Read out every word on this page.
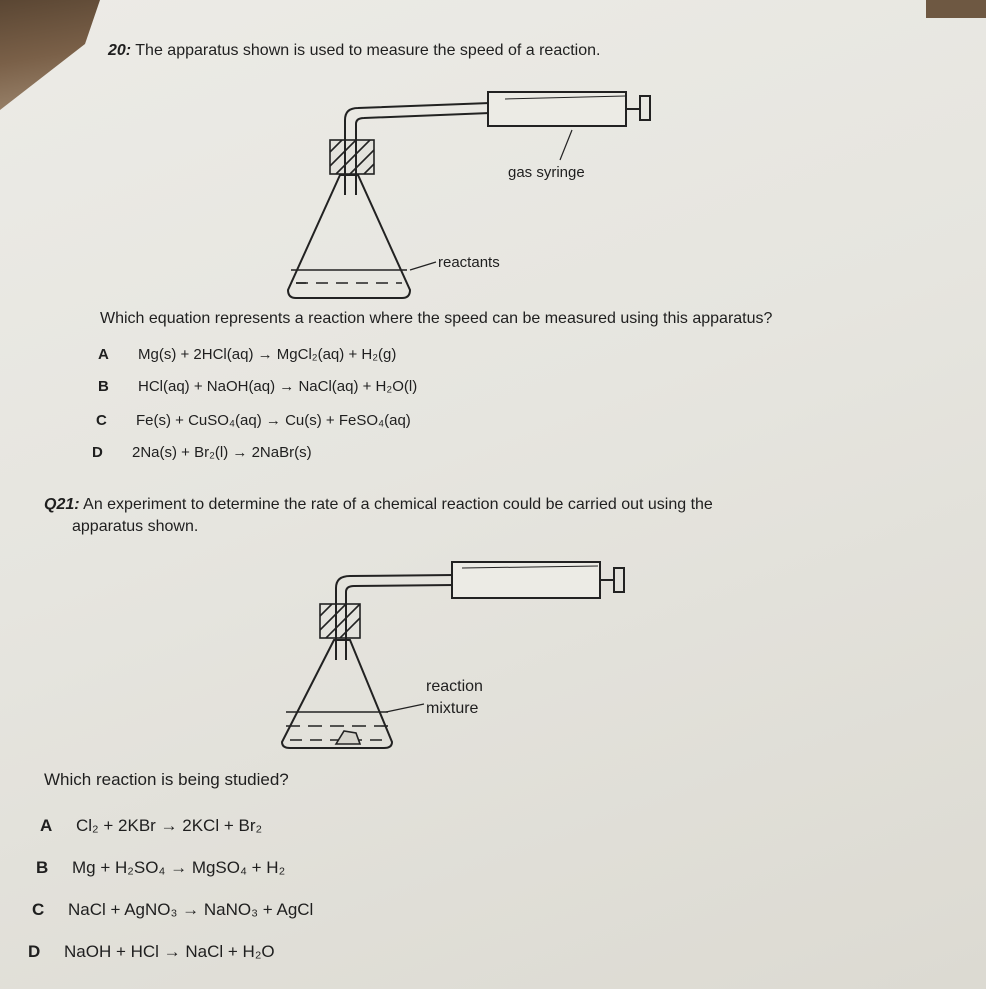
20: The apparatus shown is used to measure the speed of a reaction.
gas syringe
reactants
Which equation represents a reaction where the speed can be measured using this apparatus?
A	Mg(s) + 2HCl(aq) → MgCl₂(aq) + H₂(g)
B	HCl(aq) + NaOH(aq) → NaCl(aq) + H₂O(l)
C	Fe(s) + CuSO₄(aq) → Cu(s) + FeSO₄(aq)
D	2Na(s) + Br₂(l) → 2NaBr(s)
Q21: An experiment to determine the rate of a chemical reaction could be carried out using the
apparatus shown.
reaction
mixture
Which reaction is being studied?
A	Cl₂ + 2KBr → 2KCl + Br₂
B	Mg + H₂SO₄ → MgSO₄ + H₂
C	NaCl + AgNO₃ → NaNO₃ + AgCl
D	NaOH + HCl → NaCl + H₂O
